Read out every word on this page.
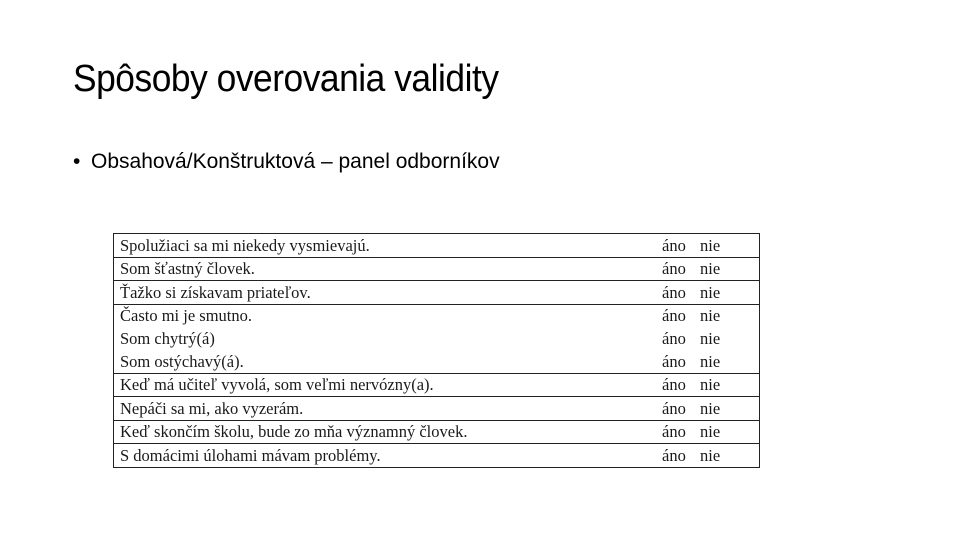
Spôsoby overovania validity
• Obsahová/Konštruktová – panel odborníkov
Spolužiaci sa mi niekedy vysmievajú.	áno	nie
Som šťastný človek.	áno	nie
Ťažko si získavam priateľov.	áno	nie
Často mi je smutno.	áno	nie
Som chytrý(á)	áno	nie
Som ostýchavý(á).	áno	nie
Keď má učiteľ vyvolá, som veľmi nervózny(a).	áno	nie
Nepáči sa mi, ako vyzerám.	áno	nie
Keď skončím školu, bude zo mňa významný človek.	áno	nie
S domácimi úlohami mávam problémy.	áno	nie
